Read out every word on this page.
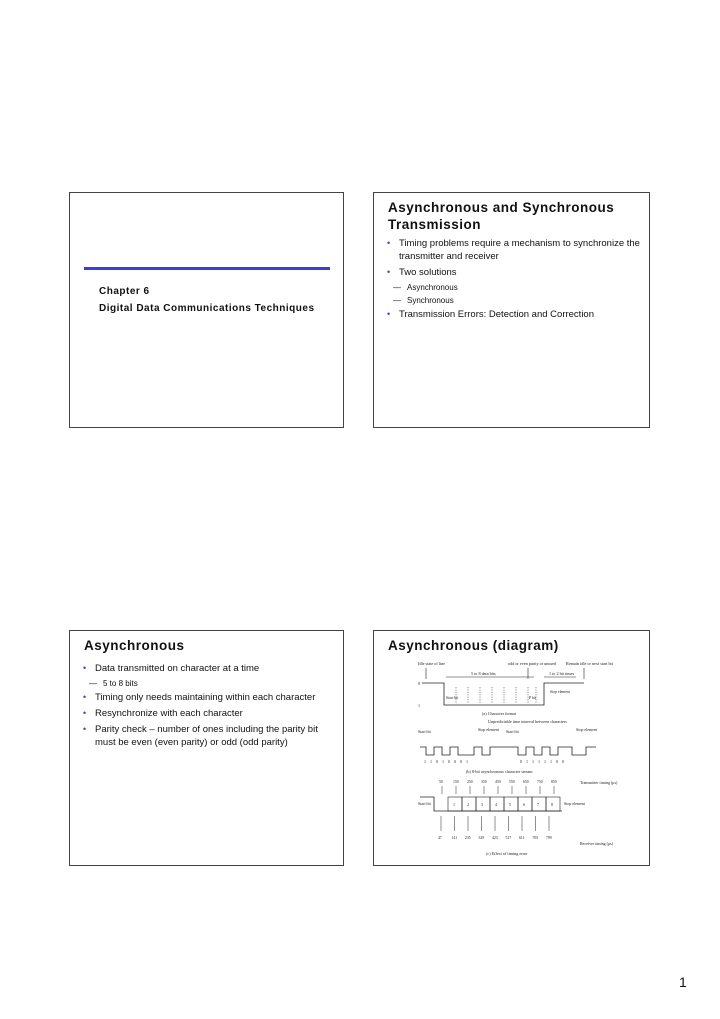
Chapter 6
Digital Data Communications Techniques
Asynchronous and Synchronous Transmission
• Timing problems require a mechanism to synchronize the transmitter and receiver
• Two solutions
— Asynchronous
— Synchronous
• Transmission Errors: Detection and Correction
Asynchronous
• Data transmitted on character at a time
— 5 to 8 bits
• Timing only needs maintaining within each character
• Resynchronize with each character
• Parity check – number of ones including the parity bit must be even (even parity) or odd (odd parity)
Asynchronous (diagram)
Idle state of line	odd or even parity or unused Remain idle or next start bit
5 to 8 data bits	1 to 2 bit times
0
1
Start bit	P bit
Stop element
(a) Character format
Unpredictable time interval between characters
Start bit	Stop element Start bit	Stop element
1 1 0 1 0 0 0 1	0 1 1 1 1 1 0 0
(b) 8-bit asynchronous character stream
Transmitter timing (μs)
Start bit	Stop element
Receiver timing (μs)
(c) Effect of timing error
50	150 250 350 450 550 650 750 850
1	2	3	4	5	6	7	8
47	141 235 329 423 517 611 705 799
1
